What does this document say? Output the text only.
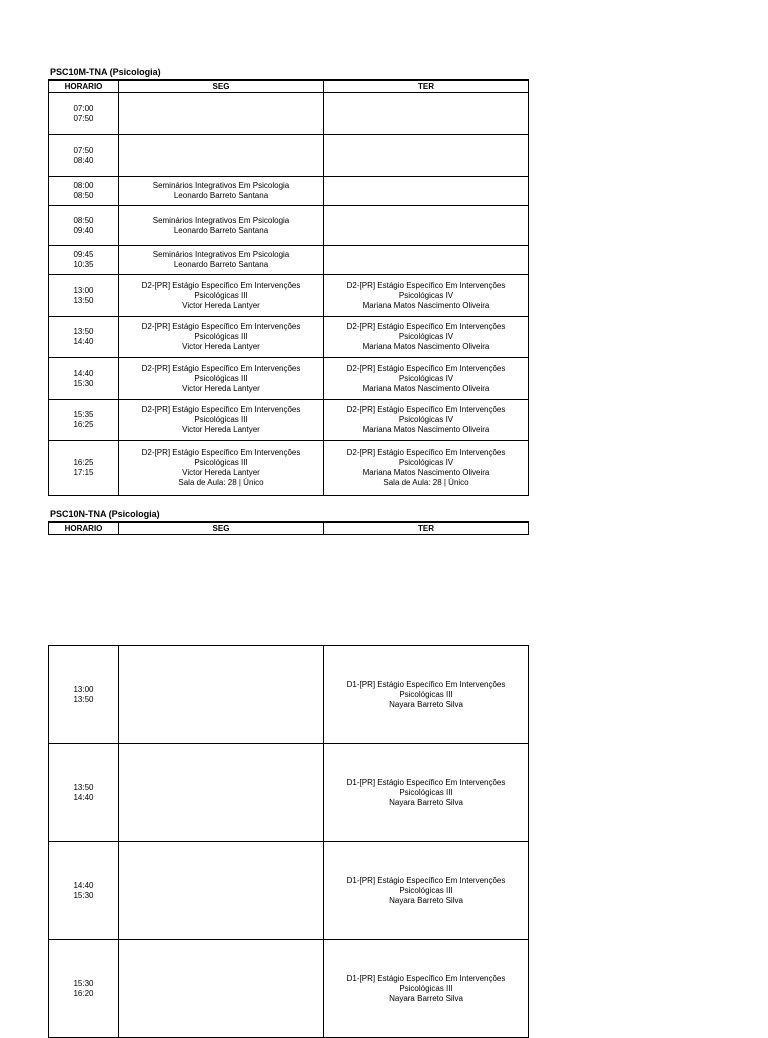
PSC10M-TNA (Psicologia)
HORARIO	SEG	TER

07:00
07:50		

07:50
08:40		

08:00
08:50	Seminários Integrativos Em Psicologia
Leonardo Barreto Santana	

08:50
09:40	Seminários Integrativos Em Psicologia
Leonardo Barreto Santana	

09:45
10:35	Seminários Integrativos Em Psicologia
Leonardo Barreto Santana	

13:00
13:50	D2-[PR] Estágio Específico Em Intervenções
Psicológicas III
Victor Hereda Lantyer	D2-[PR] Estágio Específico Em Intervenções
Psicológicas IV
Mariana Matos Nascimento Oliveira

13:50
14:40	D2-[PR] Estágio Específico Em Intervenções
Psicológicas III
Victor Hereda Lantyer	D2-[PR] Estágio Específico Em Intervenções
Psicológicas IV
Mariana Matos Nascimento Oliveira

14:40
15:30	D2-[PR] Estágio Específico Em Intervenções
Psicológicas III
Victor Hereda Lantyer	D2-[PR] Estágio Específico Em Intervenções
Psicológicas IV
Mariana Matos Nascimento Oliveira

15:35
16:25	D2-[PR] Estágio Específico Em Intervenções
Psicológicas III
Victor Hereda Lantyer	D2-[PR] Estágio Específico Em Intervenções
Psicológicas IV
Mariana Matos Nascimento Oliveira

16:25
17:15	D2-[PR] Estágio Específico Em Intervenções
Psicológicas III
Victor Hereda Lantyer
Sala de Aula: 28 | Único	D2-[PR] Estágio Específico Em Intervenções
Psicológicas IV
Mariana Matos Nascimento Oliveira
Sala de Aula: 28 | Único
PSC10N-TNA (Psicologia)
HORARIO	SEG	TER
13:00
13:50		D1-[PR] Estágio Específico Em Intervenções
Psicológicas III
Nayara Barreto Silva

13:50
14:40		D1-[PR] Estágio Específico Em Intervenções
Psicológicas III
Nayara Barreto Silva

14:40
15:30		D1-[PR] Estágio Específico Em Intervenções
Psicológicas III
Nayara Barreto Silva

15:30
16:20		D1-[PR] Estágio Específico Em Intervenções
Psicológicas III
Nayara Barreto Silva
